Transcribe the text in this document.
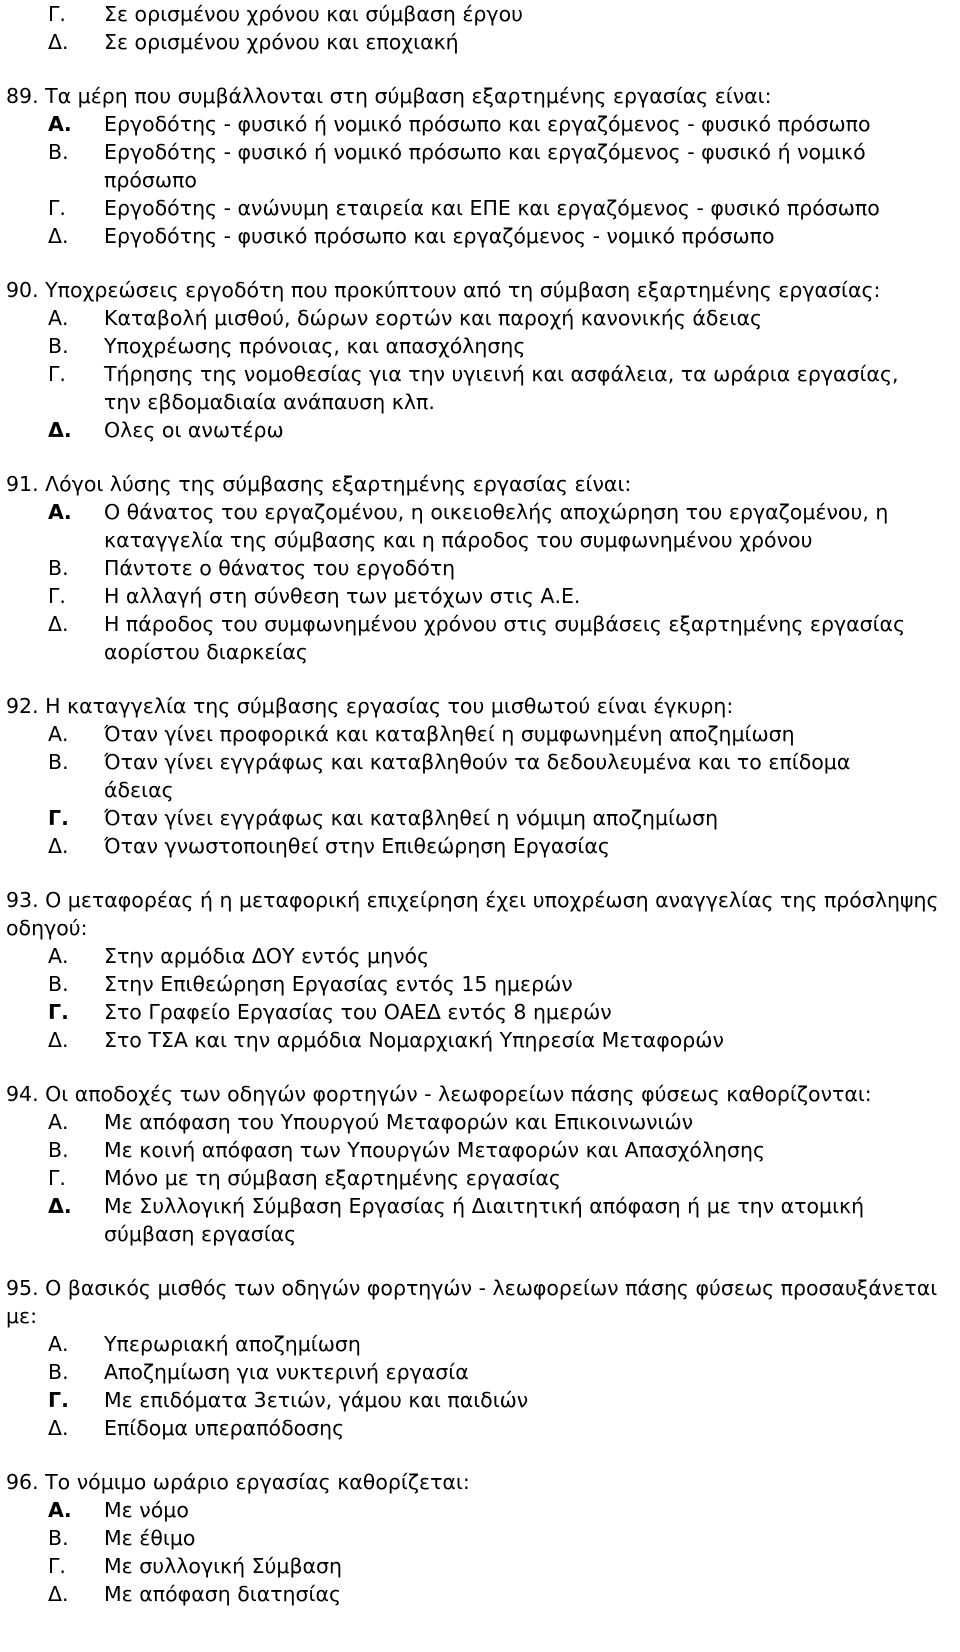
Γ.	Σε ορισμένου χρόνου και σύμβαση έργου
Δ.	Σε ορισμένου χρόνου και εποχιακή
89. Τα μέρη που συμβάλλονται στη σύμβαση εξαρτημένης εργασίας είναι:
Α.	Εργοδότης - φυσικό ή νομικό πρόσωπο και εργαζόμενος - φυσικό πρόσωπο
Β.	Εργοδότης - φυσικό ή νομικό πρόσωπο και εργαζόμενος - φυσικό ή νομικό πρόσωπο
Γ.	Εργοδότης - ανώνυμη εταιρεία και ΕΠΕ και εργαζόμενος - φυσικό πρόσωπο
Δ.	Εργοδότης - φυσικό πρόσωπο και εργαζόμενος - νομικό πρόσωπο
90. Υποχρεώσεις εργοδότη που προκύπτουν από τη σύμβαση εξαρτημένης εργασίας:
Α.	Καταβολή μισθού, δώρων εορτών και παροχή κανονικής άδειας
Β.	Υποχρέωσης πρόνοιας, και απασχόλησης
Γ.	Τήρησης της νομοθεσίας για την υγιεινή και ασφάλεια, τα ωράρια εργασίας, την εβδομαδιαία ανάπαυση κλπ.
Δ.	Ολες οι ανωτέρω
91. Λόγοι λύσης της σύμβασης εξαρτημένης εργασίας είναι:
Α.	Ο θάνατος του εργαζομένου, η οικειοθελής αποχώρηση του εργαζομένου, η καταγγελία της σύμβασης και η πάροδος του συμφωνημένου χρόνου
Β.	Πάντοτε ο θάνατος του εργοδότη
Γ.	Η αλλαγή στη σύνθεση των μετόχων στις Α.Ε.
Δ.	Η πάροδος του συμφωνημένου χρόνου στις συμβάσεις εξαρτημένης εργασίας αορίστου διαρκείας
92. Η καταγγελία της σύμβασης εργασίας του μισθωτού είναι έγκυρη:
Α.	Όταν γίνει προφορικά και καταβληθεί η συμφωνημένη αποζημίωση
Β.	Όταν γίνει εγγράφως και καταβληθούν τα δεδουλευμένα και το επίδομα άδειας
Γ.	Όταν γίνει εγγράφως και καταβληθεί η νόμιμη αποζημίωση
Δ.	Όταν γνωστοποιηθεί στην Επιθεώρηση Εργασίας
93. Ο μεταφορέας ή η μεταφορική επιχείρηση έχει υποχρέωση αναγγελίας της πρόσληψης οδηγού:
Α.	Στην αρμόδια ΔΟΥ εντός μηνός
Β.	Στην Επιθεώρηση Εργασίας εντός 15 ημερών
Γ.	Στο Γραφείο Εργασίας του ΟΑΕΔ εντός 8 ημερών
Δ.	Στο ΤΣΑ και την αρμόδια Νομαρχιακή Υπηρεσία Μεταφορών
94. Οι αποδοχές των οδηγών φορτηγών - λεωφορείων πάσης φύσεως καθορίζονται:
Α.	Με απόφαση του Υπουργού Μεταφορών και Επικοινωνιών
Β.	Με κοινή απόφαση των Υπουργών Μεταφορών και Απασχόλησης
Γ.	Μόνο με τη σύμβαση εξαρτημένης εργασίας
Δ.	Με Συλλογική Σύμβαση Εργασίας ή Διαιτητική απόφαση ή με την ατομική σύμβαση εργασίας
95. Ο βασικός μισθός των οδηγών φορτηγών - λεωφορείων πάσης φύσεως προσαυξάνεται με:
Α.	Υπερωριακή αποζημίωση
Β.	Αποζημίωση για νυκτερινή εργασία
Γ.	Με επιδόματα 3ετιών, γάμου και παιδιών
Δ.	Επίδομα υπεραπόδοσης
96. Το νόμιμο ωράριο εργασίας καθορίζεται:
Α.	Με νόμο
Β.	Με έθιμο
Γ.	Με συλλογική Σύμβαση
Δ.	Με απόφαση διατησίας
